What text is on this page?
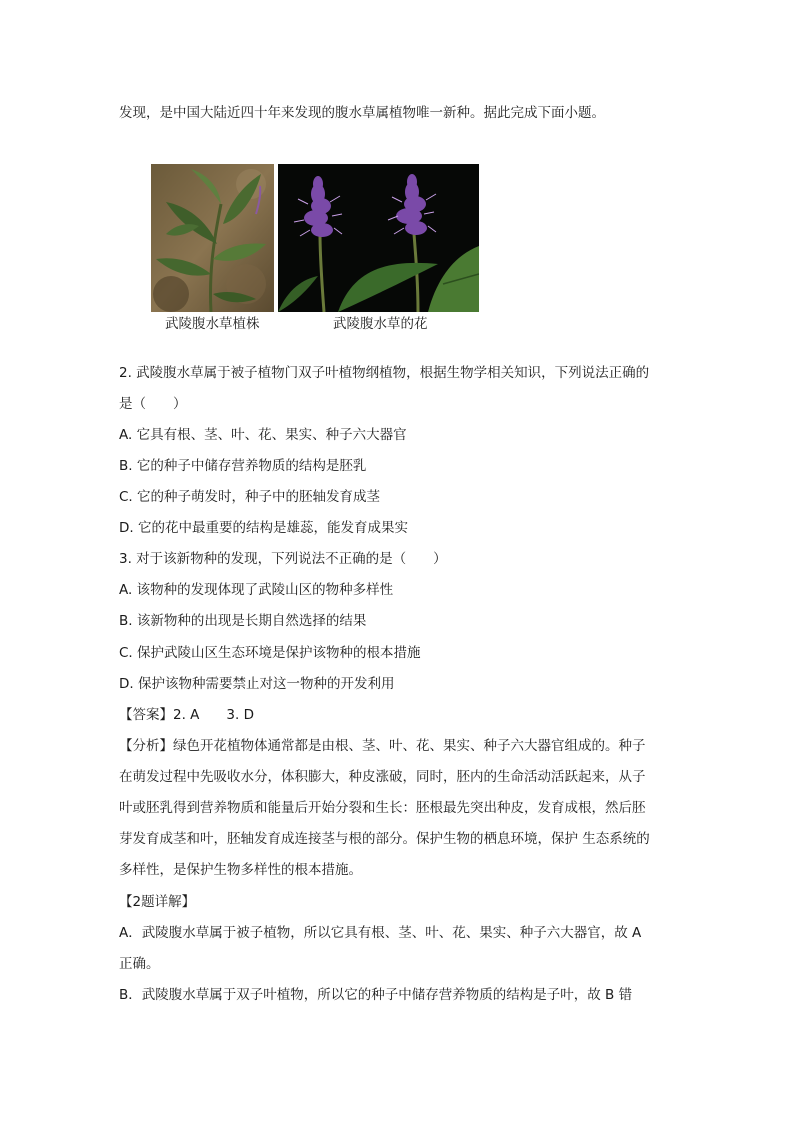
发现，是中国大陆近四十年来发现的腹水草属植物唯一新种。据此完成下面小题。
武陵腹水草植株	武陵腹水草的花
2. 武陵腹水草属于被子植物门双子叶植物纲植物，根据生物学相关知识，下列说法正确的
是（　　）
A. 它具有根、茎、叶、花、果实、种子六大器官
B. 它的种子中储存营养物质的结构是胚乳
C. 它的种子萌发时，种子中的胚轴发育成茎
D. 它的花中最重要的结构是雄蕊，能发育成果实
3. 对于该新物种的发现，下列说法不正确的是（　　）
A. 该物种的发现体现了武陵山区的物种多样性
B. 该新物种的出现是长期自然选择的结果
C. 保护武陵山区生态环境是保护该物种的根本措施
D. 保护该物种需要禁止对这一物种的开发利用
【答案】2. A　　3. D
【分析】绿色开花植物体通常都是由根、茎、叶、花、果实、种子六大器官组成的。种子
在萌发过程中先吸收水分，体积膨大，种皮涨破，同时，胚内的生命活动活跃起来，从子
叶或胚乳得到营养物质和能量后开始分裂和生长：胚根最先突出种皮，发育成根，然后胚
芽发育成茎和叶，胚轴发育成连接茎与根的部分。保护生物的栖息环境，保护 生态系统的
多样性，是保护生物多样性的根本措施。
【2题详解】
A．武陵腹水草属于被子植物，所以它具有根、茎、叶、花、果实、种子六大器官，故 A
正确。
B．武陵腹水草属于双子叶植物，所以它的种子中储存营养物质的结构是子叶，故 B 错
